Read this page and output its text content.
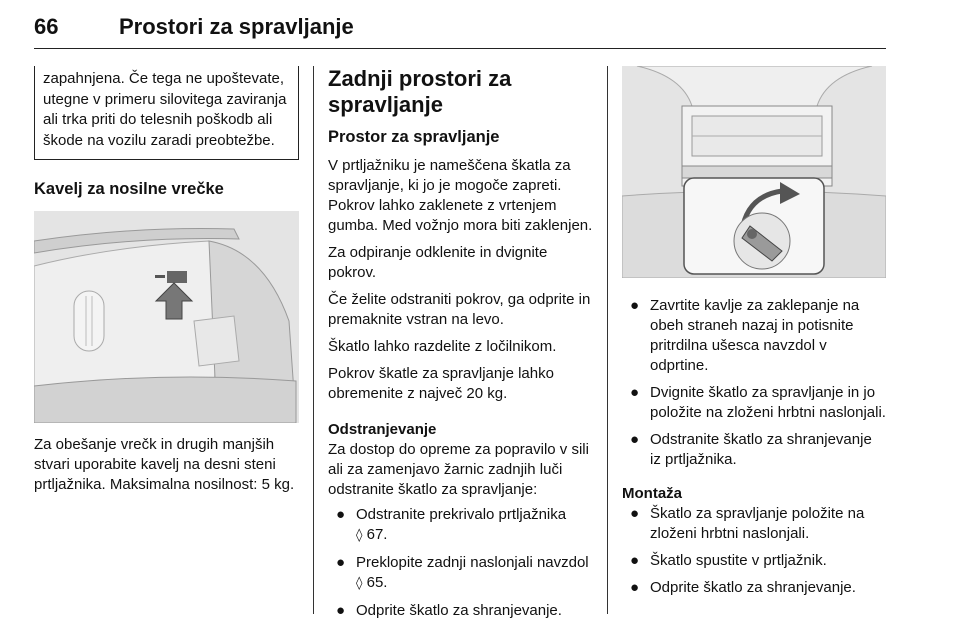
66	Prostori za spravljanje
zapahnjena. Če tega ne upoštevate, utegne v primeru silovitega zaviranja ali trka priti do telesnih poškodb ali škode na vozilu zaradi preobtežbe.
Kavelj za nosilne vrečke

Za obešanje vrečk in drugih manjših stvari uporabite kavelj na desni steni prtljažnika. Maksimalna nosilnost: 5 kg.

Zadnji prostori za spravljanje
Prostor za spravljanje

V prtljažniku je nameščena škatla za spravljanje, ki jo je mogoče zapreti. Pokrov lahko zaklenete z vrtenjem gumba. Med vožnjo mora biti zaklenjen.

Za odpiranje odklenite in dvignite pokrov.

Če želite odstraniti pokrov, ga odprite in premaknite vstran na levo.

Škatlo lahko razdelite z ločilnikom.

Pokrov škatle za spravljanje lahko obremenite z največ 20 kg.

Odstranjevanje

Za dostop do opreme za popravilo v sili ali za zamenjavo žarnic zadnjih luči odstranite škatlo za spravljanje:

● Odstranite prekrivalo prtljažnika
◊ 67.
● Preklopite zadnji naslonjali navzdol ◊ 65.
● Odprite škatlo za shranjevanje.
● Zavrtite kavlje za zaklepanje na obeh straneh nazaj in potisnite pritrdilna ušesca navzdol v odprtine.
● Dvignite škatlo za spravljanje in jo položite na zloženi hrbtni naslonjali.
● Odstranite škatlo za shranjevanje iz prtljažnika.

Montaža

● Škatlo za spravljanje položite na zloženi hrbtni naslonjali.
● Škatlo spustite v prtljažnik.
● Odprite škatlo za shranjevanje.
